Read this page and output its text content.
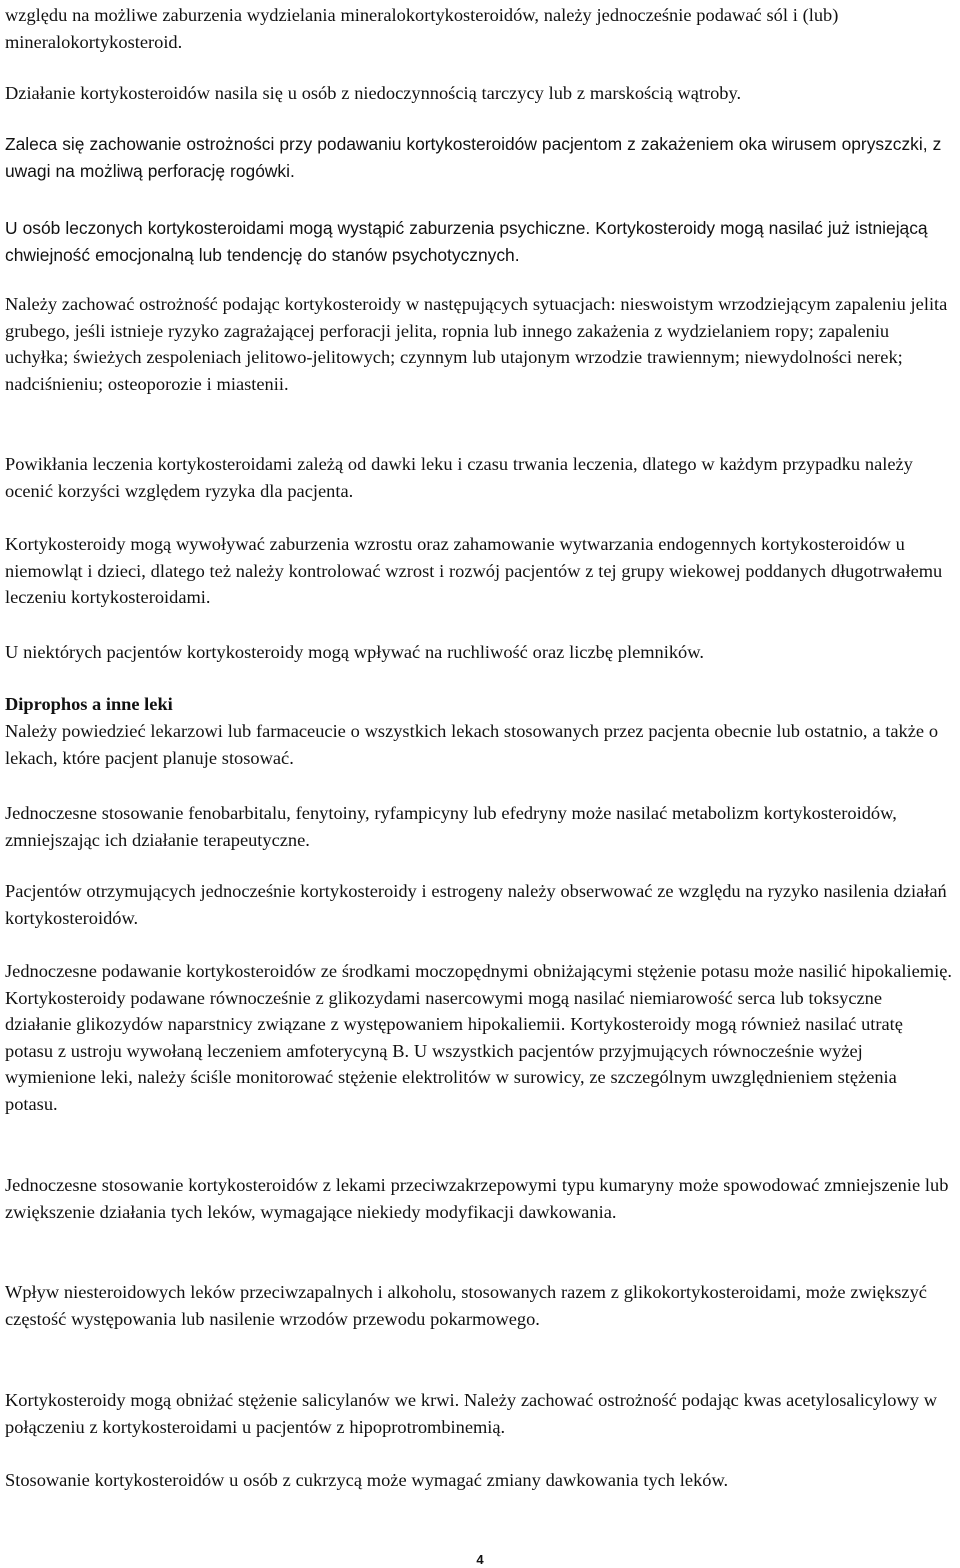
względu na możliwe zaburzenia wydzielania mineralokortykosteroidów, należy jednocześnie podawać sól i (lub) mineralokortykosteroid.

Działanie kortykosteroidów nasila się u osób z niedoczynnością tarczycy lub z marskością wątroby.

Zaleca się zachowanie ostrożności przy podawaniu kortykosteroidów pacjentom z zakażeniem oka wirusem opryszczki, z uwagi na możliwą perforację rogówki.

U osób leczonych kortykosteroidami mogą wystąpić zaburzenia psychiczne. Kortykosteroidy mogą nasilać już istniejącą chwiejność emocjonalną lub tendencję do stanów psychotycznych.

Należy zachować ostrożność podając kortykosteroidy w następujących sytuacjach: nieswoistym wrzodziejącym zapaleniu jelita grubego, jeśli istnieje ryzyko zagrażającej perforacji jelita, ropnia lub innego zakażenia z wydzielaniem ropy; zapaleniu uchyłka; świeżych zespoleniach jelitowo-jelitowych; czynnym lub utajonym wrzodzie trawiennym; niewydolności nerek; nadciśnieniu; osteoporozie i miastenii.

Powikłania leczenia kortykosteroidami zależą od dawki leku i czasu trwania leczenia, dlatego w każdym przypadku należy ocenić korzyści względem ryzyka dla pacjenta.

Kortykosteroidy mogą wywoływać zaburzenia wzrostu oraz zahamowanie wytwarzania endogennych kortykosteroidów u niemowląt i dzieci, dlatego też należy kontrolować wzrost i rozwój pacjentów z tej grupy wiekowej poddanych długotrwałemu leczeniu kortykosteroidami.

U niektórych pacjentów kortykosteroidy mogą wpływać na ruchliwość oraz liczbę plemników.

Diprophos a inne leki

Należy powiedzieć lekarzowi lub farmaceucie o wszystkich lekach stosowanych przez pacjenta obecnie lub ostatnio, a także o lekach, które pacjent planuje stosować.

Jednoczesne stosowanie fenobarbitalu, fenytoiny, ryfampicyny lub efedryny może nasilać metabolizm kortykosteroidów, zmniejszając ich działanie terapeutyczne.

Pacjentów otrzymujących jednocześnie kortykosteroidy i estrogeny należy obserwować ze względu na ryzyko nasilenia działań kortykosteroidów.

Jednoczesne podawanie kortykosteroidów ze środkami moczopędnymi obniżającymi stężenie potasu może nasilić hipokaliemię. Kortykosteroidy podawane równocześnie z glikozydami nasercowymi mogą nasilać niemiarowość serca lub toksyczne działanie glikozydów naparstnicy związane z występowaniem hipokaliemii. Kortykosteroidy mogą również nasilać utratę potasu z ustroju wywołaną leczeniem amfoterycyną B. U wszystkich pacjentów przyjmujących równocześnie wyżej wymienione leki, należy ściśle monitorować stężenie elektrolitów w surowicy, ze szczególnym uwzględnieniem stężenia potasu.

Jednoczesne stosowanie kortykosteroidów z lekami przeciwzakrzepowymi typu kumaryny może spowodować zmniejszenie lub zwiększenie działania tych leków, wymagające niekiedy modyfikacji dawkowania.

Wpływ niesteroidowych leków przeciwzapalnych i alkoholu, stosowanych razem z glikokortykosteroidami, może zwiększyć częstość występowania lub nasilenie wrzodów przewodu pokarmowego.

Kortykosteroidy mogą obniżać stężenie salicylanów we krwi. Należy zachować ostrożność podając kwas acetylosalicylowy w połączeniu z kortykosteroidami u pacjentów z hipoprotrombinemią.

Stosowanie kortykosteroidów u osób z cukrzycą może wymagać zmiany dawkowania tych leków.

4
